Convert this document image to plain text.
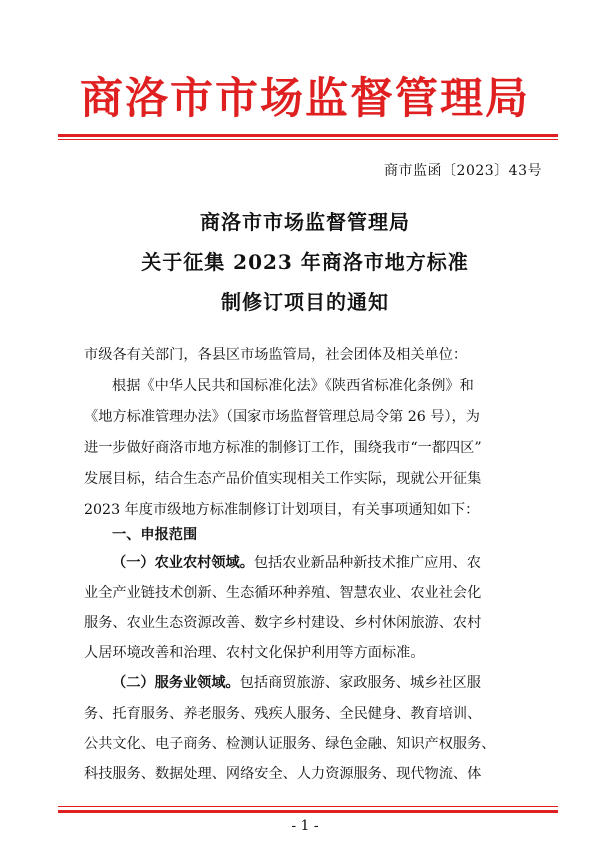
商洛市市场监督管理局
商市监函〔2023〕43号
商洛市市场监督管理局
关于征集 2023 年商洛市地方标准
制修订项目的通知
市级各有关部门，各县区市场监管局，社会团体及相关单位：
根据《中华人民共和国标准化法》《陕西省标准化条例》和
《地方标准管理办法》（国家市场监督管理总局令第 26 号），为
进一步做好商洛市地方标准的制修订工作，围绕我市“一都四区”
发展目标，结合生态产品价值实现相关工作实际，现就公开征集
2023 年度市级地方标准制修订计划项目，有关事项通知如下：
一、申报范围
（一）农业农村领域。包括农业新品种新技术推广应用、农
业全产业链技术创新、生态循环种养殖、智慧农业、农业社会化
服务、农业生态资源改善、数字乡村建设、乡村休闲旅游、农村
人居环境改善和治理、农村文化保护利用等方面标准。
（二）服务业领域。包括商贸旅游、家政服务、城乡社区服
务、托育服务、养老服务、残疾人服务、全民健身、教育培训、
公共文化、电子商务、检测认证服务、绿色金融、知识产权服务、
科技服务、数据处理、网络安全、人力资源服务、现代物流、体
- 1 -
